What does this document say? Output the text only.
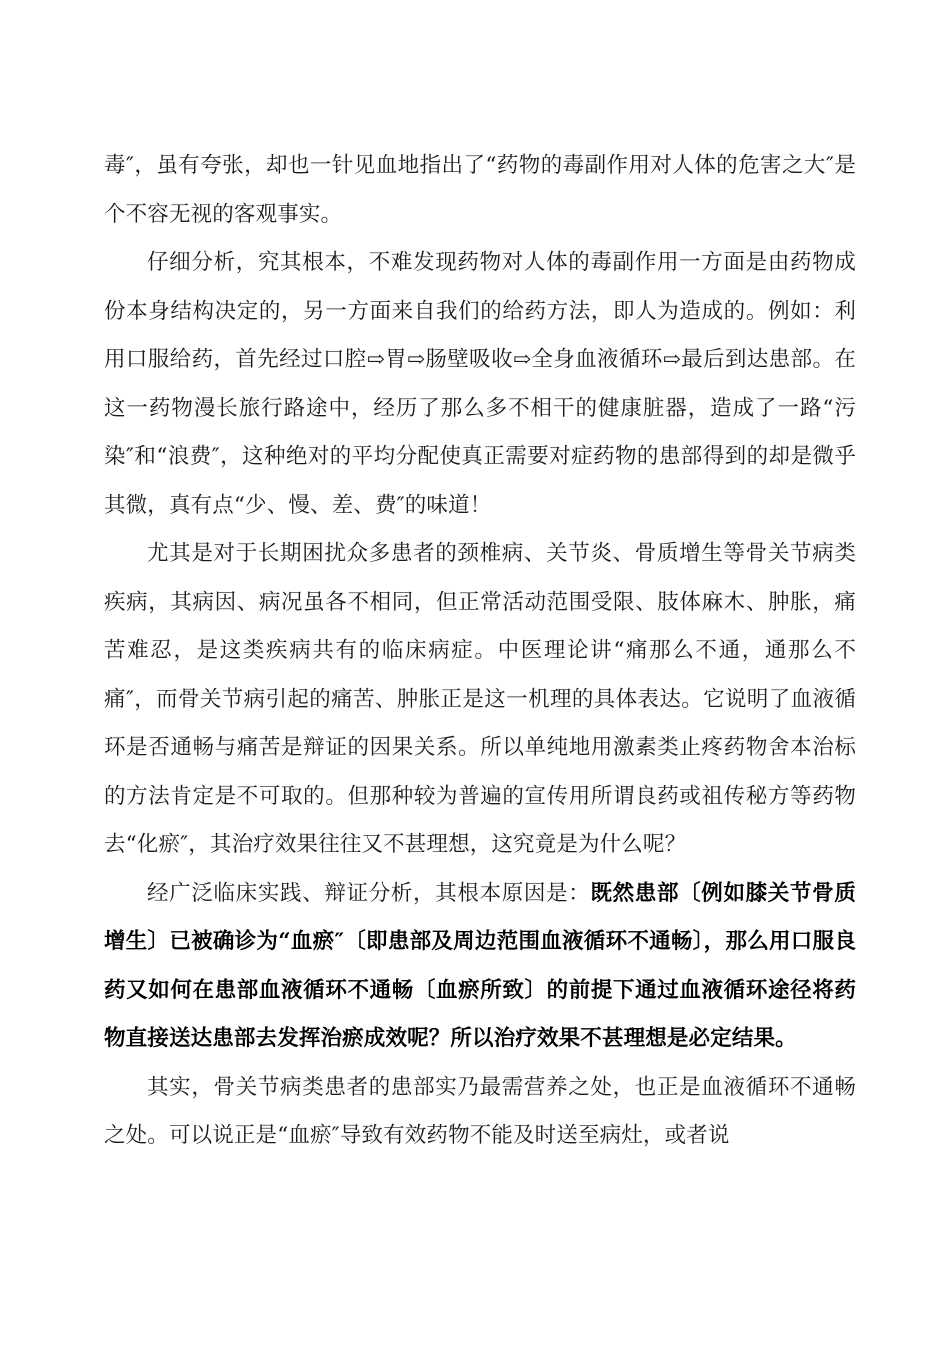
毒″，虽有夸张，却也一针见血地指出了“药物的毒副作用对人体的危害之大″是个不容无视的客观事实。

仔细分析，究其根本，不难发现药物对人体的毒副作用一方面是由药物成份本身结构决定的，另一方面来自我们的给药方法，即人为造成的。例如：利用口服给药，首先经过口腔⇨胃⇨肠壁吸收⇨全身血液循环⇨最后到达患部。在这一药物漫长旅行路途中，经历了那么多不相干的健康脏器，造成了一路“污染″和“浪费″，这种绝对的平均分配使真正需要对症药物的患部得到的却是微乎其微，真有点“少、慢、差、费″的味道！

尤其是对于长期困扰众多患者的颈椎病、关节炎、骨质增生等骨关节病类疾病，其病因、病况虽各不相同，但正常活动范围受限、肢体麻木、肿胀，痛苦难忍，是这类疾病共有的临床病症。中医理论讲“痛那么不通，通那么不痛″，而骨关节病引起的痛苦、肿胀正是这一机理的具体表达。它说明了血液循环是否通畅与痛苦是辩证的因果关系。所以单纯地用激素类止疼药物舍本治标的方法肯定是不可取的。但那种较为普遍的宣传用所谓良药或祖传秘方等药物去“化瘀″，其治疗效果往往又不甚理想，这究竟是为什么呢？

经广泛临床实践、辩证分析，其根本原因是：既然患部〔例如膝关节骨质增生〕已被确诊为“血瘀″〔即患部及周边范围血液循环不通畅〕，那么用口服良药又如何在患部血液循环不通畅〔血瘀所致〕的前提下通过血液循环途径将药物直接送达患部去发挥治瘀成效呢？所以治疗效果不甚理想是必定结果。

其实，骨关节病类患者的患部实乃最需营养之处，也正是血液循环不通畅之处。可以说正是“血瘀″导致有效药物不能及时送至病灶，或者说
